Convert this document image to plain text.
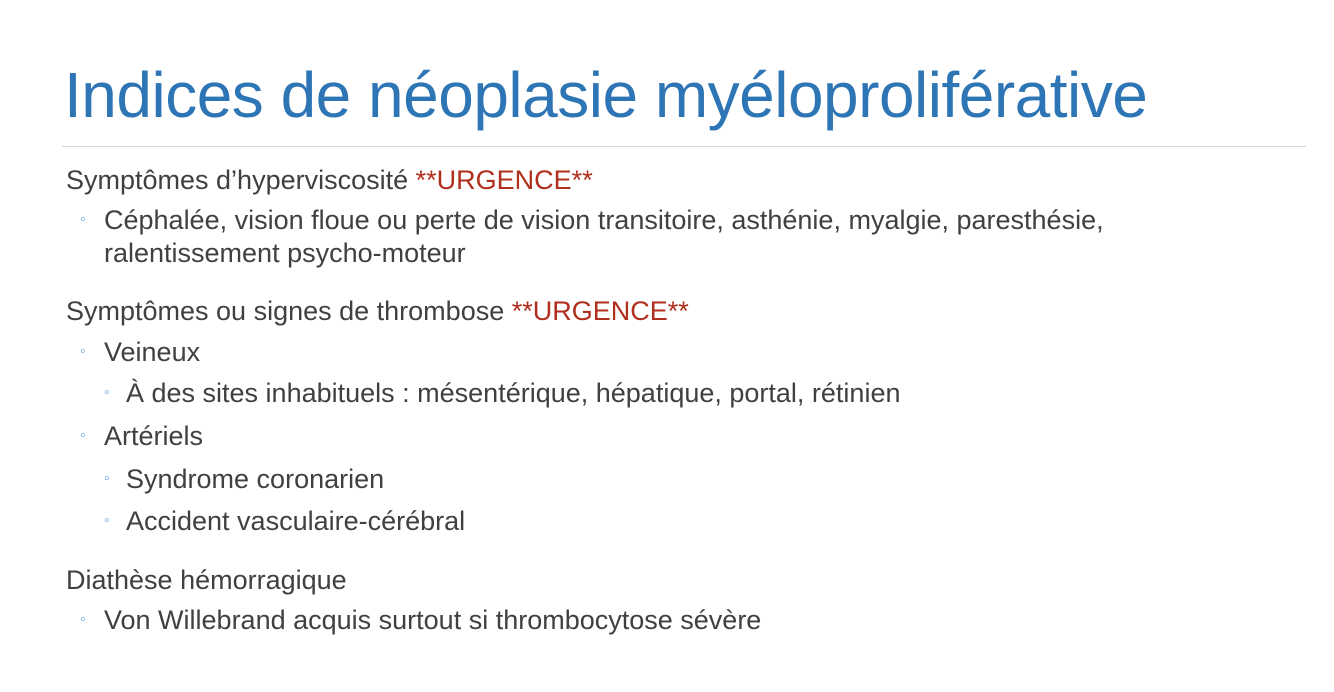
Indices de néoplasie myéloproliférative
Symptômes d’hyperviscosité **URGENCE**
◦ Céphalée, vision floue ou perte de vision transitoire, asthénie, myalgie, paresthésie,
ralentissement psycho-moteur
Symptômes ou signes de thrombose **URGENCE**
◦ Veineux
◦ À des sites inhabituels : mésentérique, hépatique, portal, rétinien
◦ Artériels
◦ Syndrome coronarien
◦ Accident vasculaire-cérébral
Diathèse hémorragique
◦ Von Willebrand acquis surtout si thrombocytose sévère
